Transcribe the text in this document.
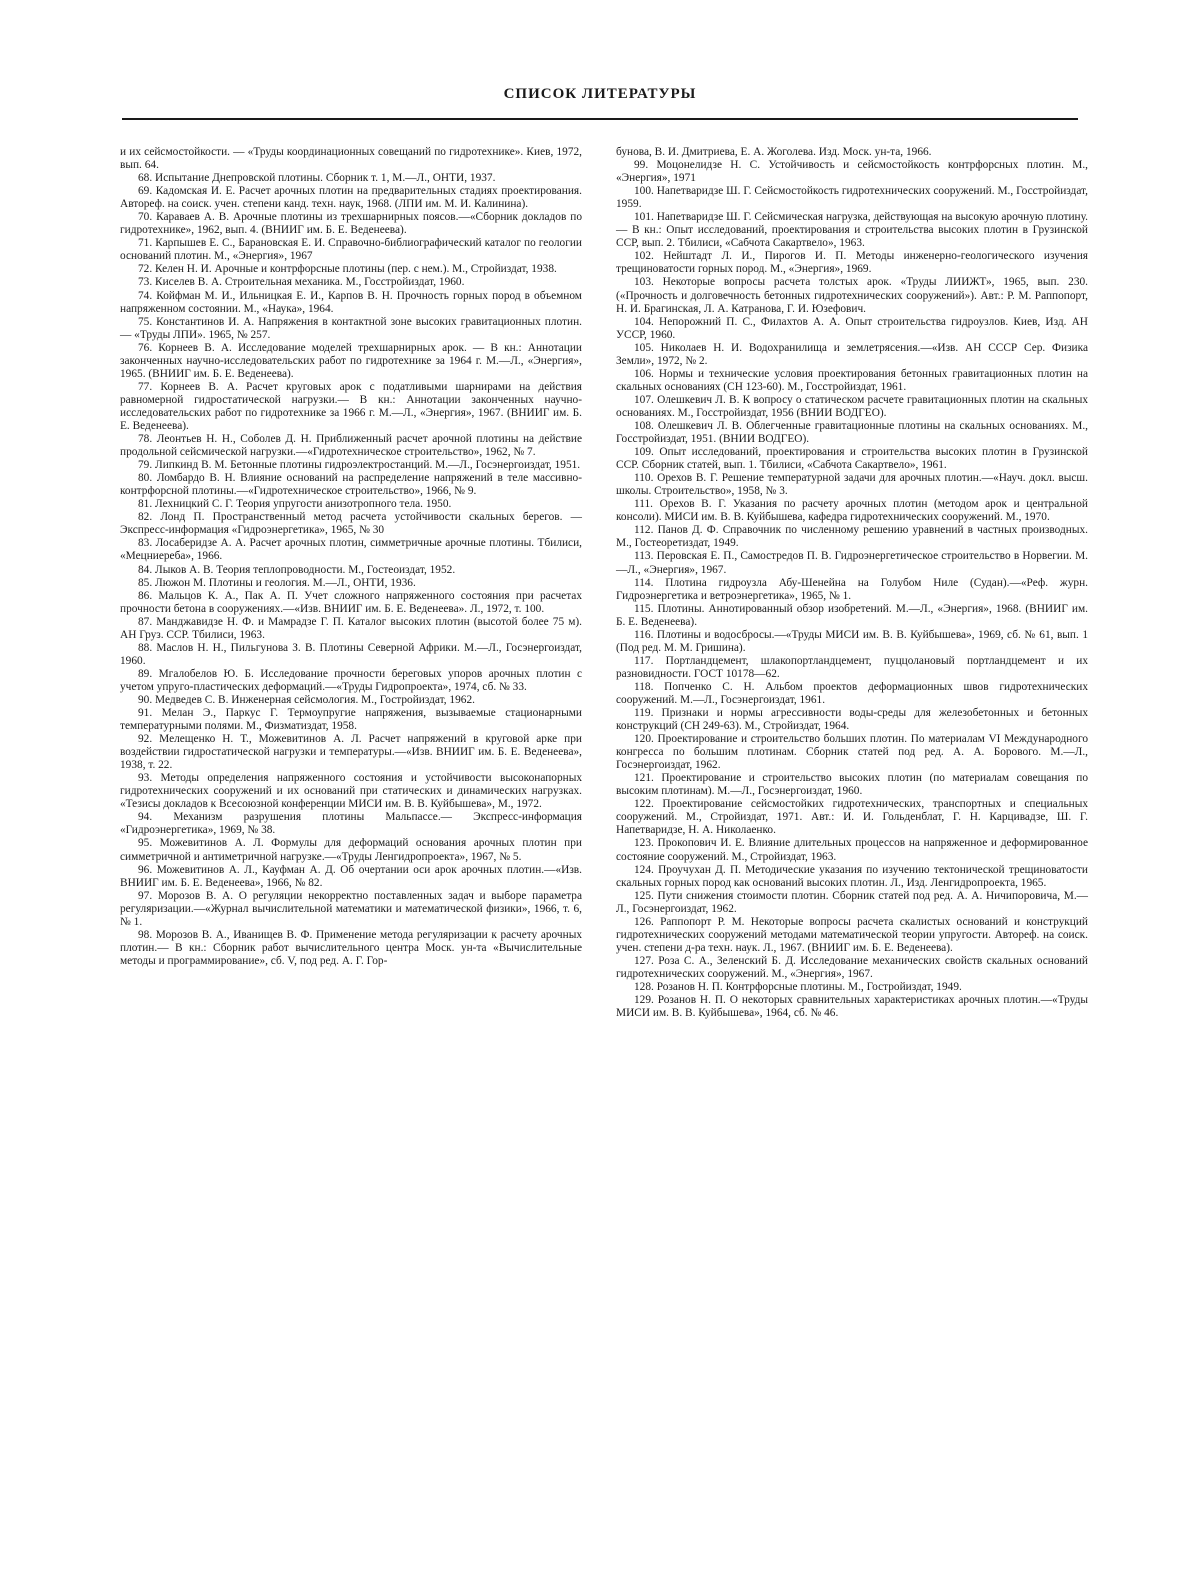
СПИСОК ЛИТЕРАТУРЫ

и их сейсмостойкости. — «Труды координационных совещаний по гидротехнике». Киев, 1972, вып. 64.

68. Испытание Днепровской плотины. Сборник т. 1, М.—Л., ОНТИ, 1937.

69. Кадомская И. Е. Расчет арочных плотин на предварительных стадиях проектирования. Автореф. на соиск. учен. степени канд. техн. наук, 1968. (ЛПИ им. М. И. Калинина).

70. Караваев А. В. Арочные плотины из трехшарнирных поясов.—«Сборник докладов по гидротехнике», 1962, вып. 4. (ВНИИГ им. Б. Е. Веденеева).

71. Карпышев Е. С., Барановская Е. И. Справочно-библиографический каталог по геологии оснований плотин. М., «Энергия», 1967

72. Келен Н. И. Арочные и контрфорсные плотины (пер. с нем.). М., Стройиздат, 1938.

73. Киселев В. А. Строительная механика. М., Госстройиздат, 1960.

74. Койфман М. И., Ильницкая Е. И., Карпов В. Н. Прочность горных пород в объемном напряженном состоянии. М., «Наука», 1964.

75. Константинов И. А. Напряжения в контактной зоне высоких гравитационных плотин. — «Труды ЛПИ». 1965, № 257.

76. Корнеев В. А. Исследование моделей трехшарнирных арок. — В кн.: Аннотации законченных научно-исследовательских работ по гидротехнике за 1964 г. М.—Л., «Энергия», 1965. (ВНИИГ им. Б. Е. Веденеева).

77. Корнеев В. А. Расчет круговых арок с податливыми шарнирами на действия равномерной гидростатической нагрузки.— В кн.: Аннотации законченных научно-исследовательских работ по гидротехнике за 1966 г. М.—Л., «Энергия», 1967. (ВНИИГ им. Б. Е. Веденеева).

78. Леонтьев Н. Н., Соболев Д. Н. Приближенный расчет арочной плотины на действие продольной сейсмической нагрузки.—«Гидротехническое строительство», 1962, № 7.

79. Липкинд В. М. Бетонные плотины гидроэлектростанций. М.—Л., Госэнергоиздат, 1951.

80. Ломбардо В. Н. Влияние оснований на распределение напряжений в теле массивно-контрфорсной плотины.—«Гидротехническое строительство», 1966, № 9.

81. Лехницкий С. Г. Теория упругости анизотропного тела. 1950.

82. Лонд П. Пространственный метод расчета устойчивости скальных берегов. — Экспресс-информация «Гидроэнергетика», 1965, № 30

83. Лосаберидзе А. А. Расчет арочных плотин, симметричные арочные плотины. Тбилиси, «Мецниереба», 1966.

84. Лыков А. В. Теория теплопроводности. М., Гостеоиздат, 1952.

85. Люжон М. Плотины и геология. М.—Л., ОНТИ, 1936.

86. Мальцов К. А., Пак А. П. Учет сложного напряженного состояния при расчетах прочности бетона в сооружениях.—«Изв. ВНИИГ им. Б. Е. Веденеева». Л., 1972, т. 100.

87. Манджавидзе Н. Ф. и Мамрадзе Г. П. Каталог высоких плотин (высотой более 75 м). АН Груз. ССР. Тбилиси, 1963.

88. Маслов Н. Н., Пильгунова З. В. Плотины Северной Африки. М.—Л., Госэнергоиздат, 1960.

89. Мгалобелов Ю. Б. Исследование прочности береговых упоров арочных плотин с учетом упруго-пластических деформаций.—«Труды Гидропроекта», 1974, сб. № 33.

90. Медведев С. В. Инженерная сейсмология. М., Гостройиздат, 1962.

91. Мелан Э., Паркус Г. Термоупругие напряжения, вызываемые стационарными температурными полями. М., Физматиздат, 1958.

92. Мелещенко Н. Т., Можевитинов А. Л. Расчет напряжений в круговой арке при воздействии гидростатической нагрузки и температуры.—«Изв. ВНИИГ им. Б. Е. Веденеева», 1938, т. 22.

93. Методы определения напряженного состояния и устойчивости высоконапорных гидротехнических сооружений и их оснований при статических и динамических нагрузках. «Тезисы докладов к Всесоюзной конференции МИСИ им. В. В. Куйбышева», М., 1972.

94. Механизм разрушения плотины Мальпассе.— Экспресс-информация «Гидроэнергетика», 1969, № 38.

95. Можевитинов А. Л. Формулы для деформаций основания арочных плотин при симметричной и антиметричной нагрузке.—«Труды Ленгидропроекта», 1967, № 5.

96. Можевитинов А. Л., Кауфман А. Д. Об очертании оси арок арочных плотин.—«Изв. ВНИИГ им. Б. Е. Веденеева», 1966, № 82.

97. Морозов В. А. О регуляции некорректно поставленных задач и выборе параметра регуляризации.—«Журнал вычислительной математики и математической физики», 1966, т. 6, № 1.

98. Морозов В. А., Иванищев В. Ф. Применение метода регуляризации к расчету арочных плотин.— В кн.: Сборник работ вычислительного центра Моск. ун-та «Вычислительные методы и программирование», сб. V, под ред. А. Г. Гор-

бунова, В. И. Дмитриева, Е. А. Жоголева. Изд. Моск. ун-та, 1966.

99. Моцонелидзе Н. С. Устойчивость и сейсмостойкость контрфорсных плотин. М., «Энергия», 1971

100. Напетваридзе Ш. Г. Сейсмостойкость гидротехнических сооружений. М., Госстройиздат, 1959.

101. Напетваридзе Ш. Г. Сейсмическая нагрузка, действующая на высокую арочную плотину.— В кн.: Опыт исследований, проектирования и строительства высоких плотин в Грузинской ССР, вып. 2. Тбилиси, «Сабчота Сакартвело», 1963.

102. Нейштадт Л. И., Пирогов И. П. Методы инженерно-геологического изучения трещиноватости горных пород. М., «Энергия», 1969.

103. Некоторые вопросы расчета толстых арок. «Труды ЛИИЖТ», 1965, вып. 230. («Прочность и долговечность бетонных гидротехнических сооружений»). Авт.: Р. М. Раппопорт, Н. И. Брагинская, Л. А. Катранова, Г. И. Юзефович.

104. Непорожний П. С., Филахтов А. А. Опыт строительства гидроузлов. Киев, Изд. АН УССР, 1960.

105. Николаев Н. И. Водохранилища и землетрясения.—«Изв. АН СССР Сер. Физика Земли», 1972, № 2.

106. Нормы и технические условия проектирования бетонных гравитационных плотин на скальных основаниях (СН 123-60). М., Госстройиздат, 1961.

107. Олешкевич Л. В. К вопросу о статическом расчете гравитационных плотин на скальных основаниях. М., Госстройиздат, 1956 (ВНИИ ВОДГЕО).

108. Олешкевич Л. В. Облегченные гравитационные плотины на скальных основаниях. М., Госстройиздат, 1951. (ВНИИ ВОДГЕО).

109. Опыт исследований, проектирования и строительства высоких плотин в Грузинской ССР. Сборник статей, вып. 1. Тбилиси, «Сабчота Сакартвело», 1961.

110. Орехов В. Г. Решение температурной задачи для арочных плотин.—«Науч. докл. высш. школы. Строительство», 1958, № 3.

111. Орехов В. Г. Указания по расчету арочных плотин (методом арок и центральной консоли). МИСИ им. В. В. Куйбышева, кафедра гидротехнических сооружений. М., 1970.

112. Панов Д. Ф. Справочник по численному решению уравнений в частных производных. М., Гостеоретиздат, 1949.

113. Перовская Е. П., Самостредов П. В. Гидроэнергетическое строительство в Норвегии. М.—Л., «Энергия», 1967.

114. Плотина гидроузла Абу-Шенейна на Голубом Ниле (Судан).—«Реф. журн. Гидроэнергетика и ветроэнергетика», 1965, № 1.

115. Плотины. Аннотированный обзор изобретений. М.—Л., «Энергия», 1968. (ВНИИГ им. Б. Е. Веденеева).

116. Плотины и водосбросы.—«Труды МИСИ им. В. В. Куйбышева», 1969, сб. № 61, вып. 1 (Под ред. М. М. Гришина).

117. Портландцемент, шлакопортландцемент, пуццолановый портландцемент и их разновидности. ГОСТ 10178—62.

118. Попченко С. Н. Альбом проектов деформационных швов гидротехнических сооружений. М.—Л., Госэнергоиздат, 1961.

119. Признаки и нормы агрессивности воды-среды для железобетонных и бетонных конструкций (СН 249-63). М., Стройиздат, 1964.

120. Проектирование и строительство больших плотин. По материалам VI Международного конгресса по большим плотинам. Сборник статей под ред. А. А. Борового. М.—Л., Госэнергоиздат, 1962.

121. Проектирование и строительство высоких плотин (по материалам совещания по высоким плотинам). М.—Л., Госэнергоиздат, 1960.

122. Проектирование сейсмостойких гидротехнических, транспортных и специальных сооружений. М., Стройиздат, 1971. Авт.: И. И. Гольденблат, Г. Н. Карцивадзе, Ш. Г. Напетваридзе, Н. А. Николаенко.

123. Прокопович И. Е. Влияние длительных процессов на напряженное и деформированное состояние сооружений. М., Стройиздат, 1963.

124. Проучухан Д. П. Методические указания по изучению тектонической трещиноватости скальных горных пород как оснований высоких плотин. Л., Изд. Ленгидропроекта, 1965.

125. Пути снижения стоимости плотин. Сборник статей под ред. А. А. Ничипоровича, М.—Л., Госэнергоиздат, 1962.

126. Раппопорт Р. М. Некоторые вопросы расчета скалистых оснований и конструкций гидротехнических сооружений методами математической теории упругости. Автореф. на соиск. учен. степени д-ра техн. наук. Л., 1967. (ВНИИГ им. Б. Е. Веденеева).

127. Роза С. А., Зеленский Б. Д. Исследование механических свойств скальных оснований гидротехнических сооружений. М., «Энергия», 1967.

128. Розанов Н. П. Контрфорсные плотины. М., Гостройиздат, 1949.

129. Розанов Н. П. О некоторых сравнительных характеристиках арочных плотин.—«Труды МИСИ им. В. В. Куйбышева», 1964, сб. № 46.
